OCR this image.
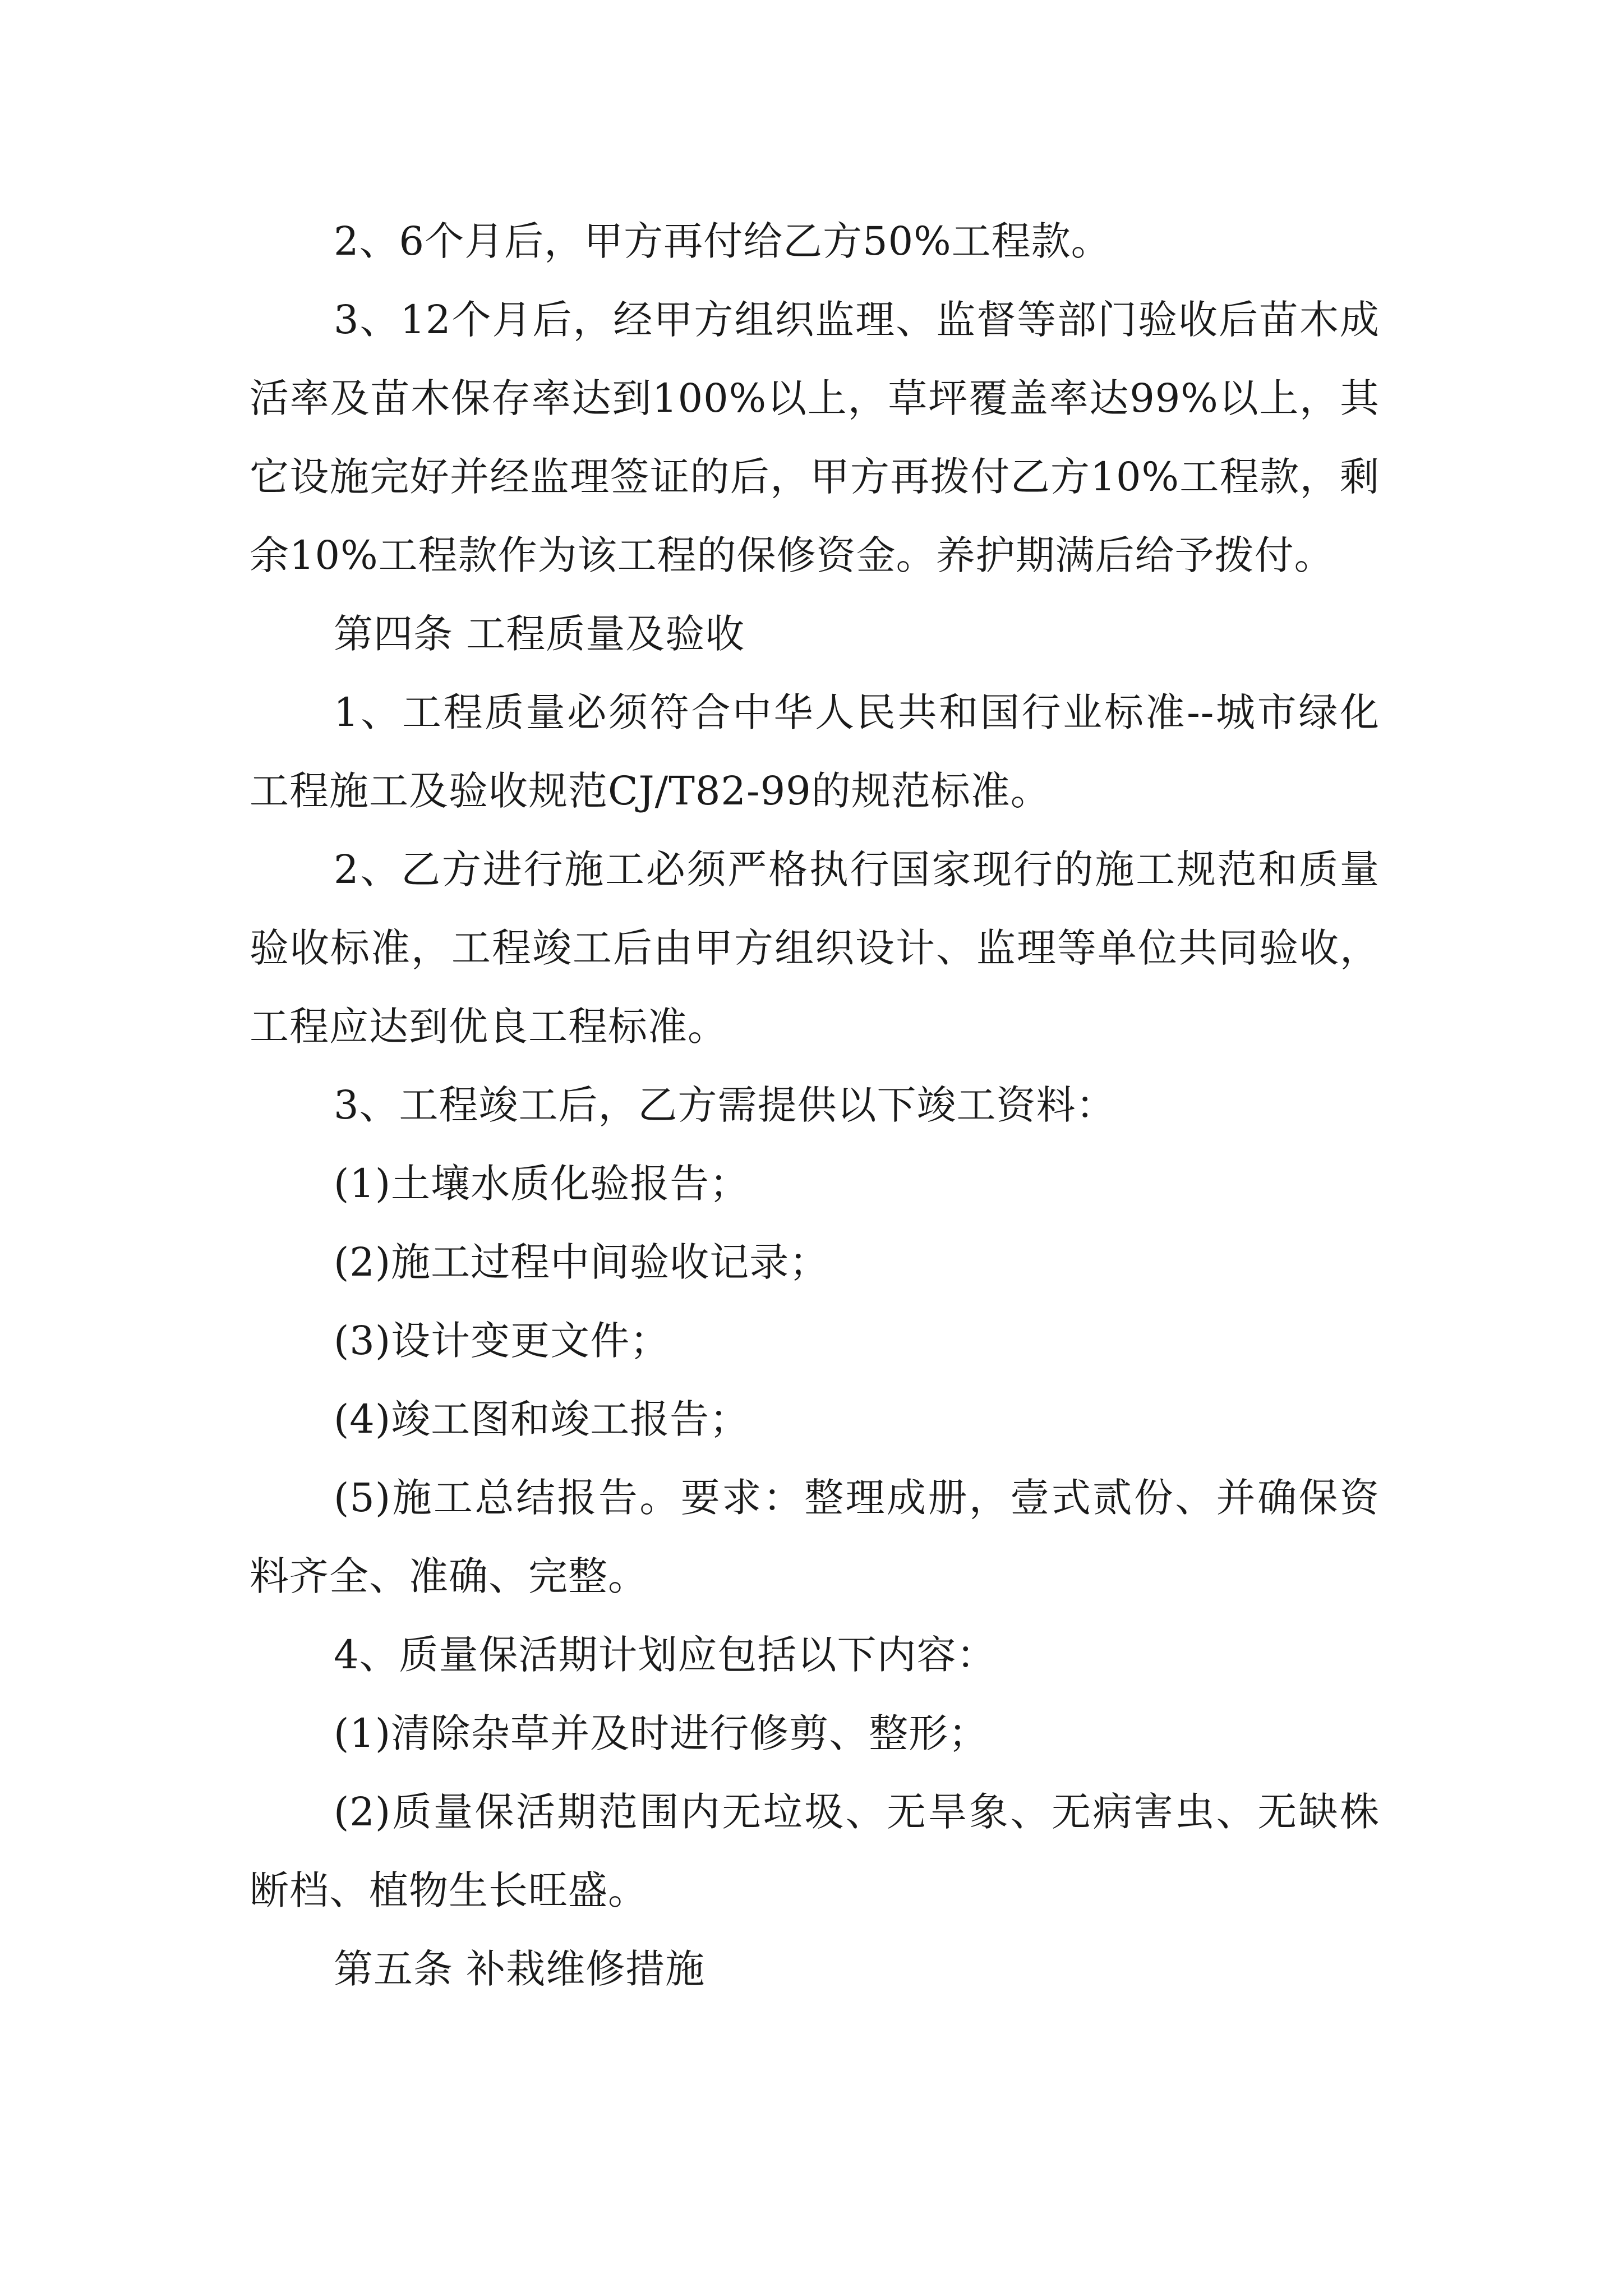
2、6个月后，甲方再付给乙方50%工程款。

3、12个月后，经甲方组织监理、监督等部门验收后苗木成活率及苗木保存率达到100%以上，草坪覆盖率达99%以上，其它设施完好并经监理签证的后，甲方再拨付乙方10%工程款，剩余10%工程款作为该工程的保修资金。养护期满后给予拨付。

第四条 工程质量及验收

1、工程质量必须符合中华人民共和国行业标准--城市绿化工程施工及验收规范CJ/T82-99的规范标准。

2、乙方进行施工必须严格执行国家现行的施工规范和质量验收标准，工程竣工后由甲方组织设计、监理等单位共同验收，工程应达到优良工程标准。

3、工程竣工后，乙方需提供以下竣工资料：

(1)土壤水质化验报告；

(2)施工过程中间验收记录；

(3)设计变更文件；

(4)竣工图和竣工报告；

(5)施工总结报告。要求：整理成册，壹式贰份、并确保资料齐全、准确、完整。

4、质量保活期计划应包括以下内容：

(1)清除杂草并及时进行修剪、整形；

(2)质量保活期范围内无垃圾、无旱象、无病害虫、无缺株断档、植物生长旺盛。

第五条 补栽维修措施
